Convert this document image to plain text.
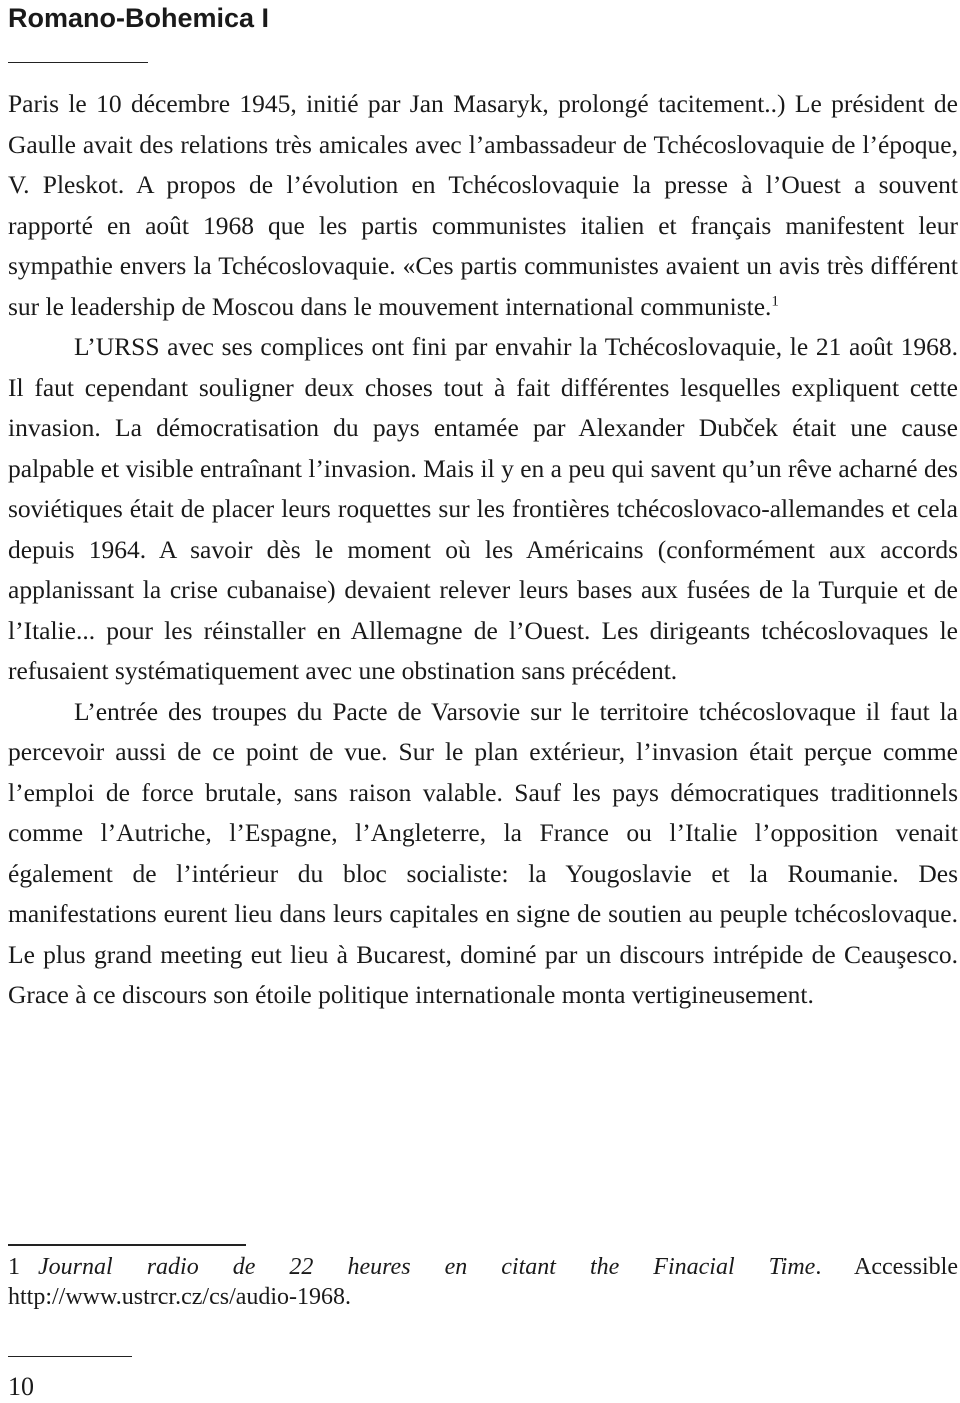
Romano-Bohemica I

Paris le 10 décembre 1945, initié par Jan Masaryk, prolongé tacitement..) Le président de Gaulle avait des relations très amicales avec l’ambassadeur de Tchécoslovaquie de l’époque, V. Pleskot. A propos de l’évolution en Tchécoslovaquie la presse à l’Ouest a souvent rapporté en août 1968 que les partis communistes italien et français manifestent leur sympathie envers la Tchécoslovaquie. «Ces partis communistes avaient un avis très différent sur le leadership de Moscou dans le mouvement international communiste.$^1$

L’URSS avec ses complices ont fini par envahir la Tchécoslovaquie, le 21 août 1968. Il faut cependant souligner deux choses tout à fait différentes lesquelles expliquent cette invasion. La démocratisation du pays entamée par Alexander Dubček était une cause palpable et visible entraînant l’invasion. Mais il y en a peu qui savent qu’un rêve acharné des soviétiques était de placer leurs roquettes sur les frontières tchécoslovaco-allemandes et cela depuis 1964. A savoir dès le moment où les Américains (conformément aux accords applanissant la crise cubanaise) devaient relever leurs bases aux fusées de la Turquie et de l’Italie... pour les réinstaller en Allemagne de l’Ouest. Les dirigeants tchécoslovaques le refusaient systématiquement avec une obstination sans précédent.

L’entrée des troupes du Pacte de Varsovie sur le territoire tchécoslovaque il faut la percevoir aussi de ce point de vue. Sur le plan extérieur, l’invasion était perçue comme l’emploi de force brutale, sans raison valable. Sauf les pays démocratiques traditionnels comme l’Autriche, l’Espagne, l’Angleterre, la France ou l’Italie l’opposition venait également de l’intérieur du bloc socialiste: la Yougoslavie et la Roumanie. Des manifestations eurent lieu dans leurs capitales en signe de soutien au peuple tchécoslovaque. Le plus grand meeting eut lieu à Bucarest, dominé par un discours intrépide de Ceauşesco. Grace à ce discours son étoile politique internationale monta vertigineusement.

1 Journal radio de 22 heures en citant the Finacial Time. Accessible http://www.ustrcr.cz/cs/audio-1968.

10
